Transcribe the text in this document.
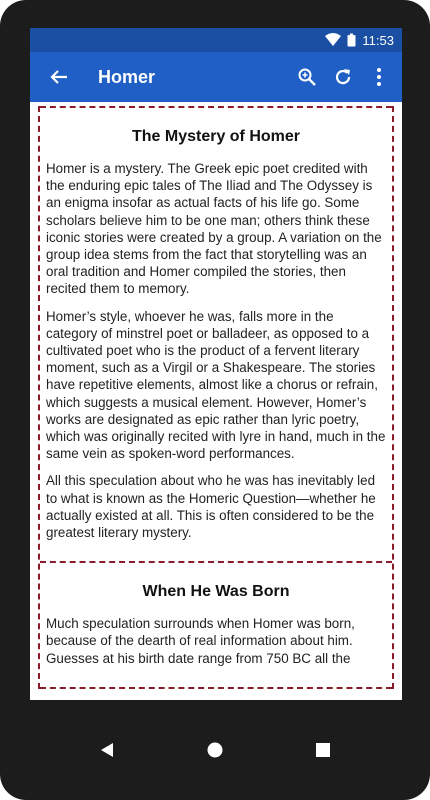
11:53
Homer
The Mystery of Homer

Homer is a mystery. The Greek epic poet credited with the enduring epic tales of The Iliad and The Odyssey is an enigma insofar as actual facts of his life go. Some scholars believe him to be one man; others think these iconic stories were created by a group. A variation on the group idea stems from the fact that storytelling was an oral tradition and Homer compiled the stories, then recited them to memory.

Homer’s style, whoever he was, falls more in the category of minstrel poet or balladeer, as opposed to a cultivated poet who is the product of a fervent literary moment, such as a Virgil or a Shakespeare. The stories have repetitive elements, almost like a chorus or refrain, which suggests a musical element. However, Homer’s works are designated as epic rather than lyric poetry, which was originally recited with lyre in hand, much in the same vein as spoken-word performances.

All this speculation about who he was has inevitably led to what is known as the Homeric Question—whether he actually existed at all. This is often considered to be the greatest literary mystery.

When He Was Born

Much speculation surrounds when Homer was born, because of the dearth of real information about him. Guesses at his birth date range from 750 BC all the
